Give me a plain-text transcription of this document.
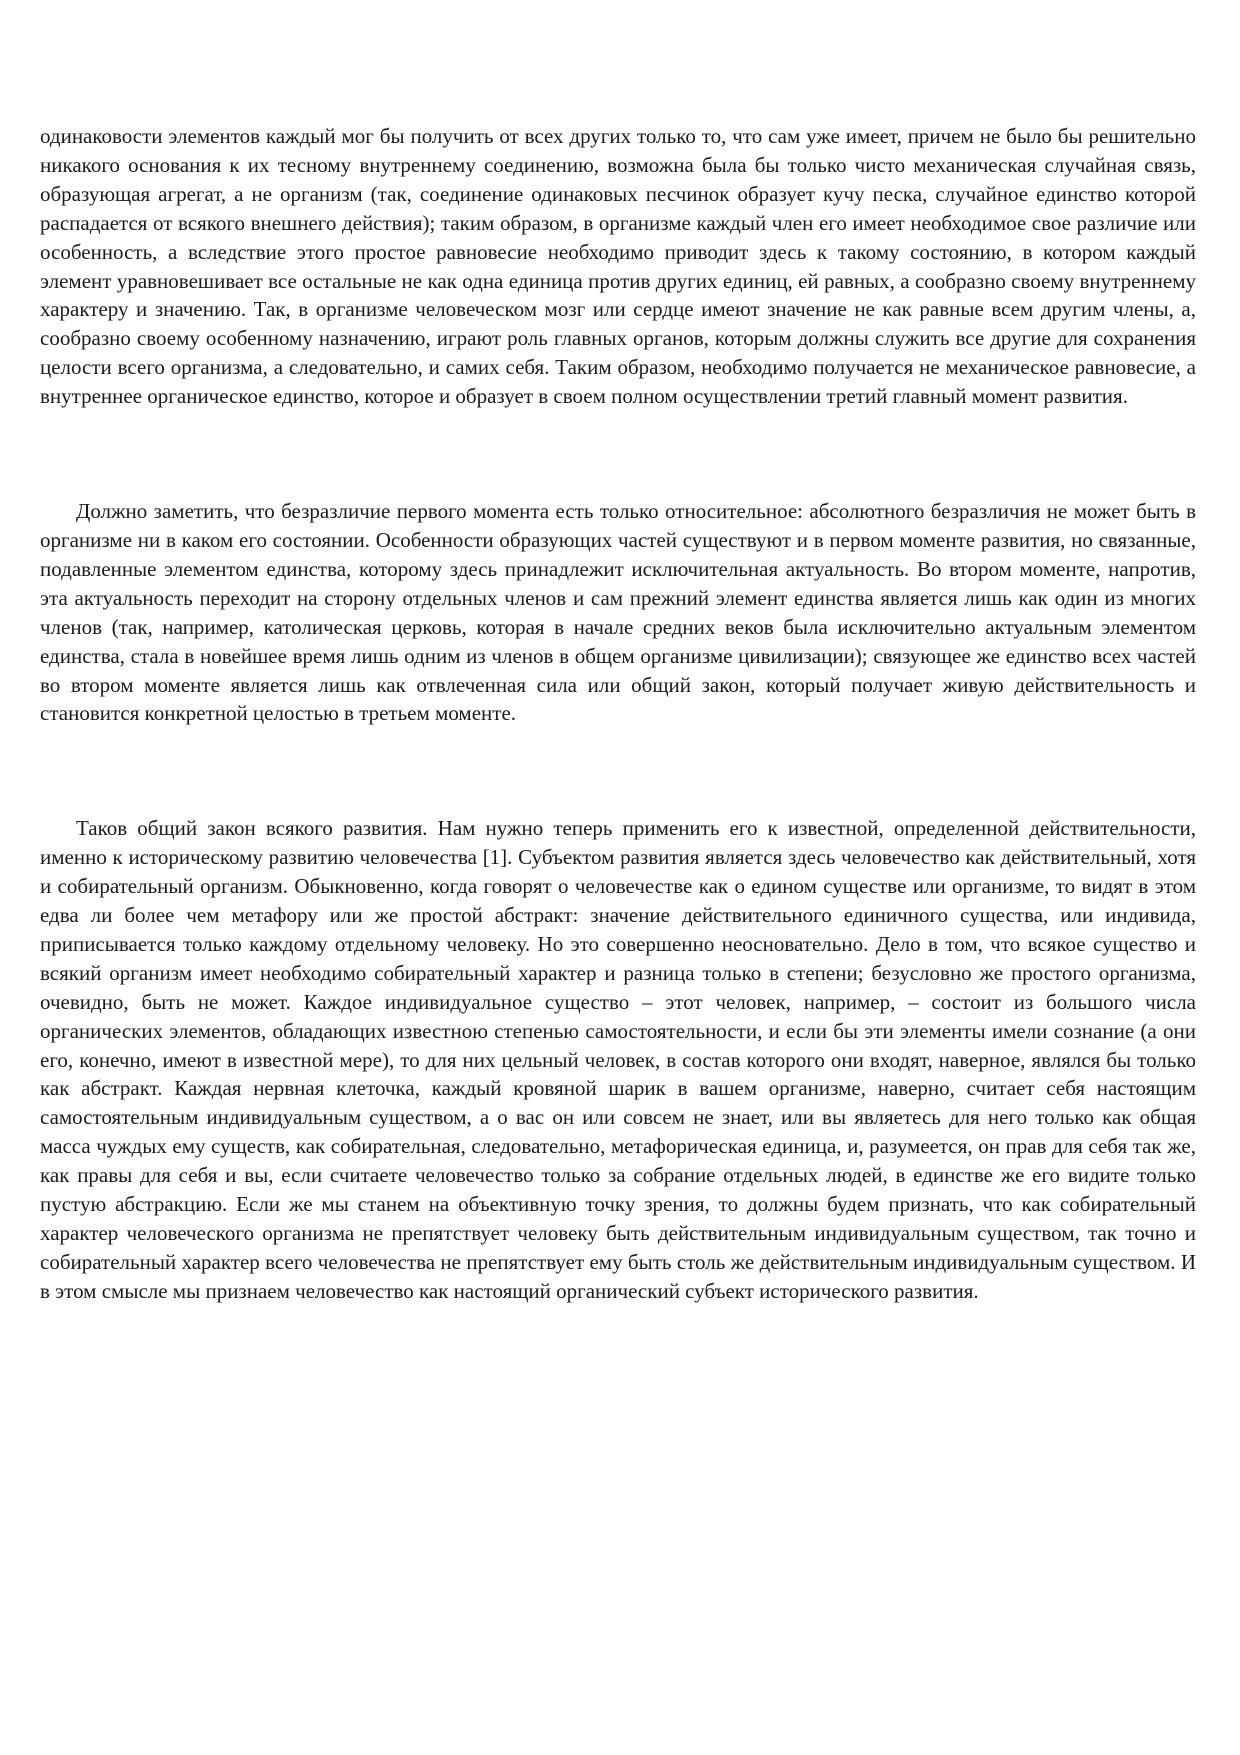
одинаковости элементов каждый мог бы получить от всех других только то, что сам уже имеет, причем не было бы решительно никакого основания к их тесному внутреннему соединению, возможна была бы только чисто механическая случайная связь, образующая агрегат, а не организм (так, соединение одинаковых песчинок образует кучу песка, случайное единство которой распадается от всякого внешнего действия); таким образом, в организме каждый член его имеет необходимое свое различие или особенность, а вследствие этого простое равновесие необходимо приводит здесь к такому состоянию, в котором каждый элемент уравновешивает все остальные не как одна единица против других единиц, ей равных, а сообразно своему внутреннему характеру и значению. Так, в организме человеческом мозг или сердце имеют значение не как равные всем другим члены, а, сообразно своему особенному назначению, играют роль главных органов, которым должны служить все другие для сохранения целости всего организма, а следовательно, и самих себя. Таким образом, необходимо получается не механическое равновесие, а внутреннее органическое единство, которое и образует в своем полном осуществлении третий главный момент развития.

Должно заметить, что безразличие первого момента есть только относительное: абсолютного безразличия не может быть в организме ни в каком его состоянии. Особенности образующих частей существуют и в первом моменте развития, но связанные, подавленные элементом единства, которому здесь принадлежит исключительная актуальность. Во втором моменте, напротив, эта актуальность переходит на сторону отдельных членов и сам прежний элемент единства является лишь как один из многих членов (так, например, католическая церковь, которая в начале средних веков была исключительно актуальным элементом единства, стала в новейшее время лишь одним из членов в общем организме цивилизации); связующее же единство всех частей во втором моменте является лишь как отвлеченная сила или общий закон, который получает живую действительность и становится конкретной целостью в третьем моменте.

Таков общий закон всякого развития. Нам нужно теперь применить его к известной, определенной действительности, именно к историческому развитию человечества [1]. Субъектом развития является здесь человечество как действительный, хотя и собирательный организм. Обыкновенно, когда говорят о человечестве как о едином существе или организме, то видят в этом едва ли более чем метафору или же простой абстракт: значение действительного единичного существа, или индивида, приписывается только каждому отдельному человеку. Но это совершенно неосновательно. Дело в том, что всякое существо и всякий организм имеет необходимо собирательный характер и разница только в степени; безусловно же простого организма, очевидно, быть не может. Каждое индивидуальное существо – этот человек, например, – состоит из большого числа органических элементов, обладающих известною степенью самостоятельности, и если бы эти элементы имели сознание (а они его, конечно, имеют в известной мере), то для них цельный человек, в состав которого они входят, наверное, являлся бы только как абстракт. Каждая нервная клеточка, каждый кровяной шарик в вашем организме, наверно, считает себя настоящим самостоятельным индивидуальным существом, а о вас он или совсем не знает, или вы являетесь для него только как общая масса чуждых ему существ, как собирательная, следовательно, метафорическая единица, и, разумеется, он прав для себя так же, как правы для себя и вы, если считаете человечество только за собрание отдельных людей, в единстве же его видите только пустую абстракцию. Если же мы станем на объективную точку зрения, то должны будем признать, что как собирательный характер человеческого организма не препятствует человеку быть действительным индивидуальным существом, так точно и собирательный характер всего человечества не препятствует ему быть столь же действительным индивидуальным существом. И в этом смысле мы признаем человечество как настоящий органический субъект исторического развития.
